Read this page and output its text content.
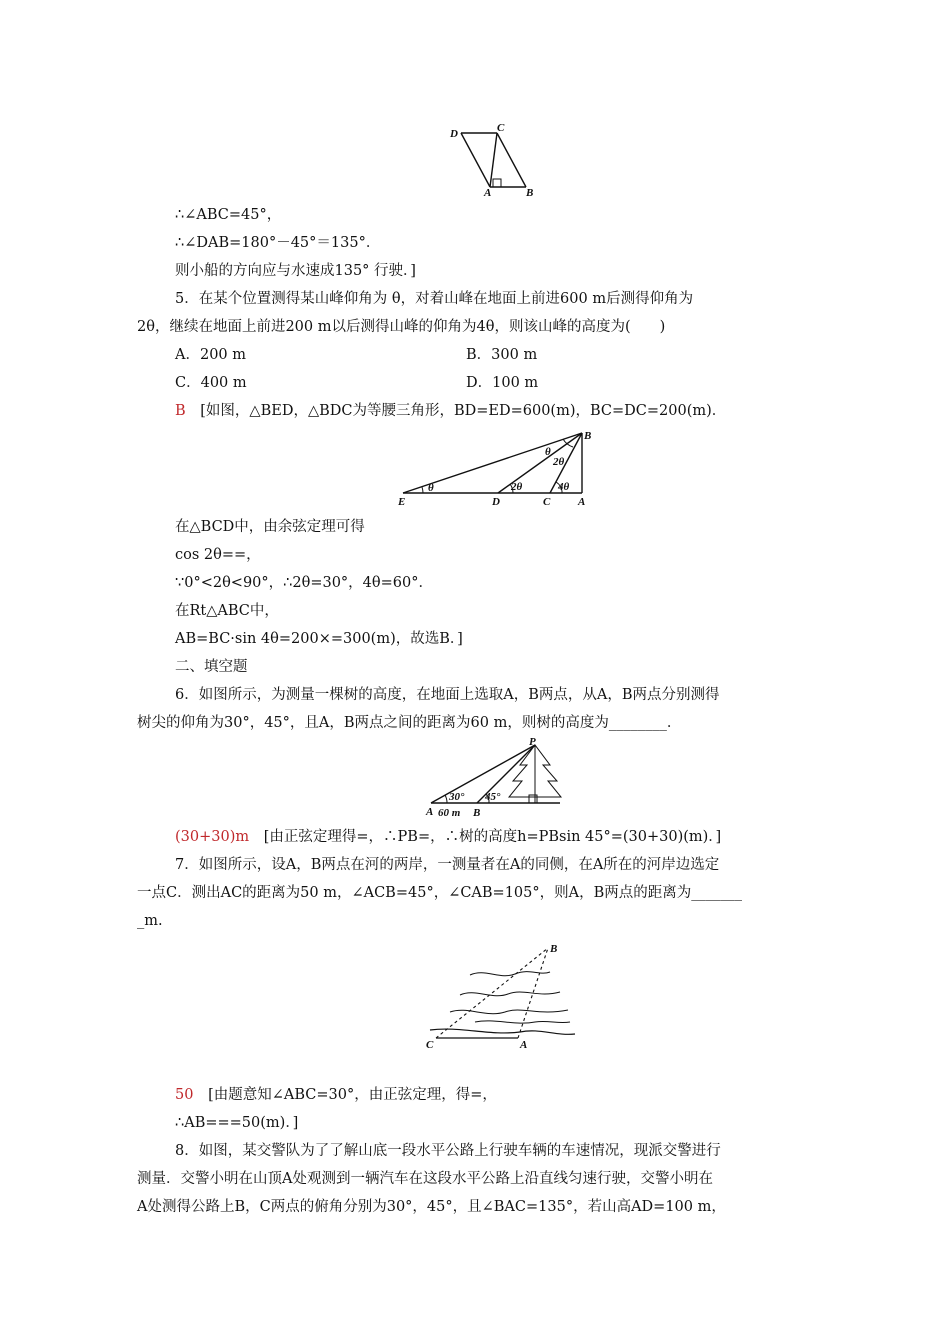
D	C
A	B
∴∠ABC=45°，
∴∠DAB=180°－45°＝135°．
则小船的方向应与水速成135° 行驶．]
5．在某个位置测得某山峰仰角为 θ，对着山峰在地面上前进600 m后测得仰角为
2θ，继续在地面上前进200 m以后测得山峰的仰角为4θ，则该山峰的高度为(　　)
A．200 m	B．300 m
C．400 m	D．100 m
B [如图，△BED，△BDC为等腰三角形，BD=ED=600(m)，BC=DC=200(m)．
B
E	D	C	A
θ
θ
2θ
2θ	4θ
在△BCD中，由余弦定理可得
cos 2θ==，
∵0°<2θ<90°，∴2θ=30°，4θ=60°．
在Rt△ABC中，
AB=BC·sin 4θ=200×=300(m)，故选B．]
二、填空题
6．如图所示，为测量一棵树的高度，在地面上选取A，B两点，从A，B两点分别测得
树尖的仰角为30°，45°，且A，B两点之间的距离为60 m，则树的高度为________．
P
30° 45°
A 60 m B
(30+30)m [由正弦定理得=，∴PB=，∴树的高度h=PBsin 45°=(30+30)(m)．]
7．如图所示，设A，B两点在河的两岸，一测量者在A的同侧，在A所在的河岸边选定
一点C．测出AC的距离为50 m，∠ACB=45°，∠CAB=105°，则A，B两点的距离为_______
_m.
B
C	A
50 [由题意知∠ABC=30°，由正弦定理，得=，
∴AB===50(m)．]
8．如图，某交警队为了了解山底一段水平公路上行驶车辆的车速情况，现派交警进行
测量．交警小明在山顶A处观测到一辆汽车在这段水平公路上沿直线匀速行驶，交警小明在
A处测得公路上B，C两点的俯角分别为30°，45°，且∠BAC=135°，若山高AD=100 m，
